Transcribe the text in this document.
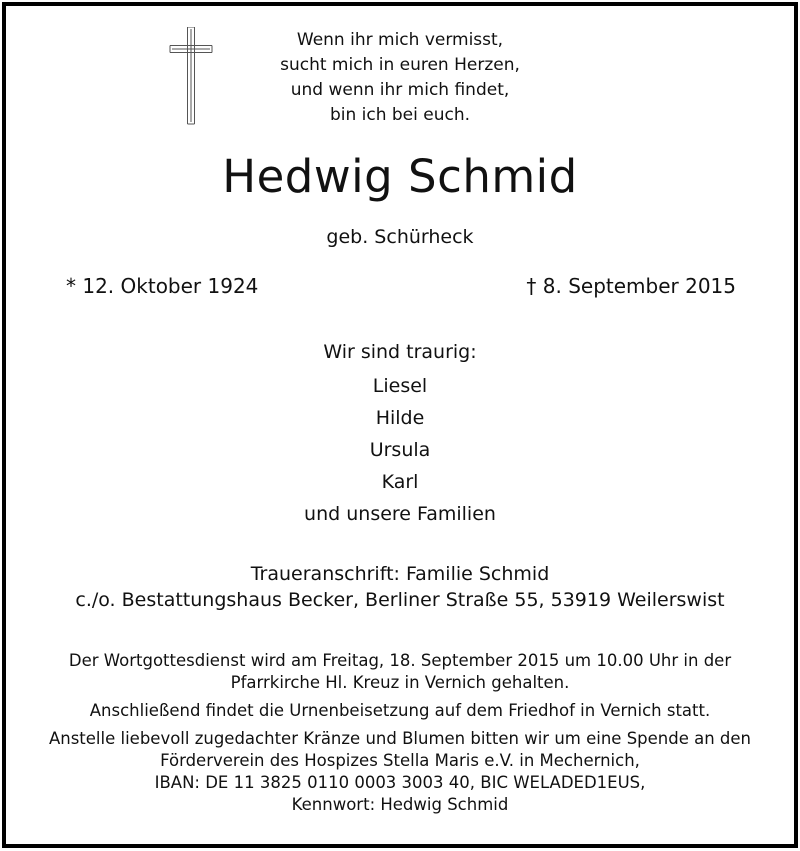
Wenn ihr mich vermisst,
sucht mich in euren Herzen,
und wenn ihr mich findet,
bin ich bei euch.
Hedwig Schmid
geb. Schürheck
* 12. Oktober 1924	† 8. September 2015
Wir sind traurig:
Liesel
Hilde
Ursula
Karl
und unsere Familien
Traueranschrift: Familie Schmid
c./o. Bestattungshaus Becker, Berliner Straße 55, 53919 Weilerswist
Der Wortgottesdienst wird am Freitag, 18. September 2015 um 10.00 Uhr in der
Pfarrkirche Hl. Kreuz in Vernich gehalten.
Anschließend findet die Urnenbeisetzung auf dem Friedhof in Vernich statt.
Anstelle liebevoll zugedachter Kränze und Blumen bitten wir um eine Spende an den
Förderverein des Hospizes Stella Maris e.V. in Mechernich,
IBAN: DE 11 3825 0110 0003 3003 40, BIC WELADED1EUS,
Kennwort: Hedwig Schmid
